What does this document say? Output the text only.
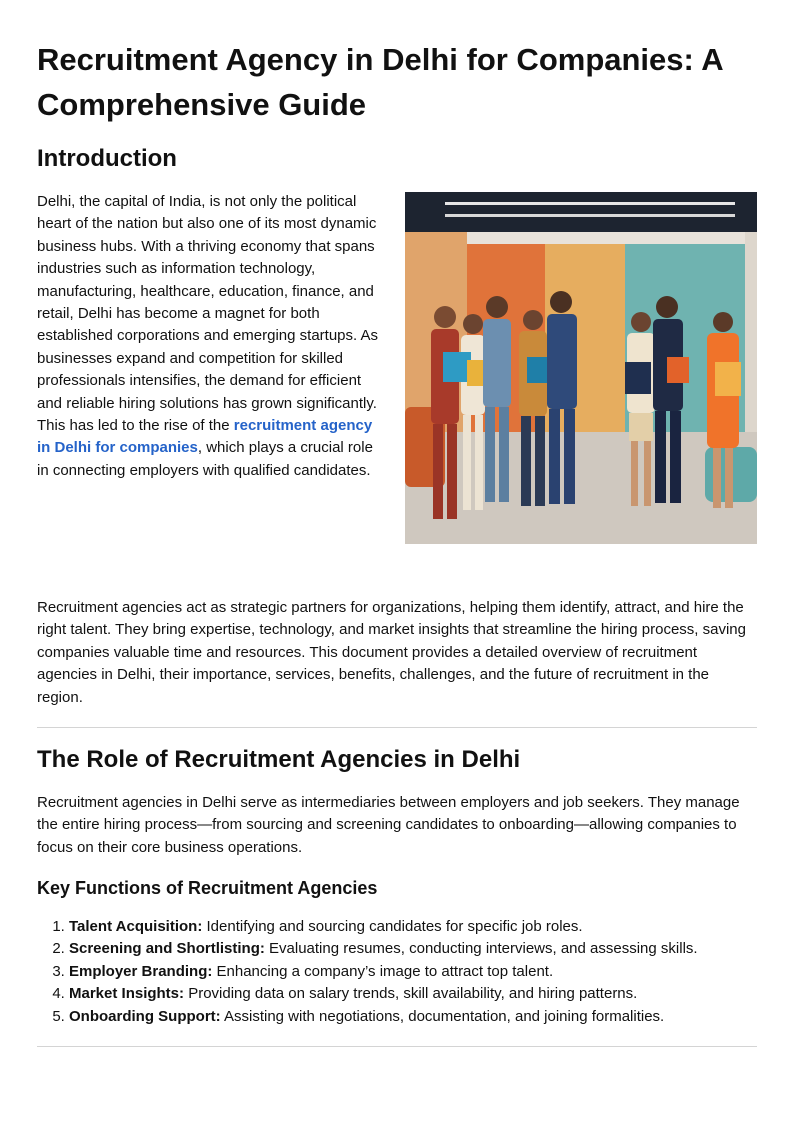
Recruitment Agency in Delhi for Companies: A Comprehensive Guide
Introduction

Delhi, the capital of India, is not only the political heart of the nation but also one of its most dynamic business hubs. With a thriving economy that spans industries such as information technology, manufacturing, healthcare, education, finance, and retail, Delhi has become a magnet for both established corporations and emerging startups. As businesses expand and competition for skilled professionals intensifies, the demand for efficient and reliable hiring solutions has grown significantly. This has led to the rise of the recruitment agency in Delhi for companies, which plays a crucial role in connecting employers with qualified candidates.

Recruitment agencies act as strategic partners for organizations, helping them identify, attract, and hire the right talent. They bring expertise, technology, and market insights that streamline the hiring process, saving companies valuable time and resources. This document provides a detailed overview of recruitment agencies in Delhi, their importance, services, benefits, challenges, and the future of recruitment in the region.

The Role of Recruitment Agencies in Delhi

Recruitment agencies in Delhi serve as intermediaries between employers and job seekers. They manage the entire hiring process—from sourcing and screening candidates to onboarding—allowing companies to focus on their core business operations.

Key Functions of Recruitment Agencies
1. Talent Acquisition: Identifying and sourcing candidates for specific job roles.
2. Screening and Shortlisting: Evaluating resumes, conducting interviews, and assessing skills.
3. Employer Branding: Enhancing a company’s image to attract top talent.
4. Market Insights: Providing data on salary trends, skill availability, and hiring patterns.
5. Onboarding Support: Assisting with negotiations, documentation, and joining formalities.
